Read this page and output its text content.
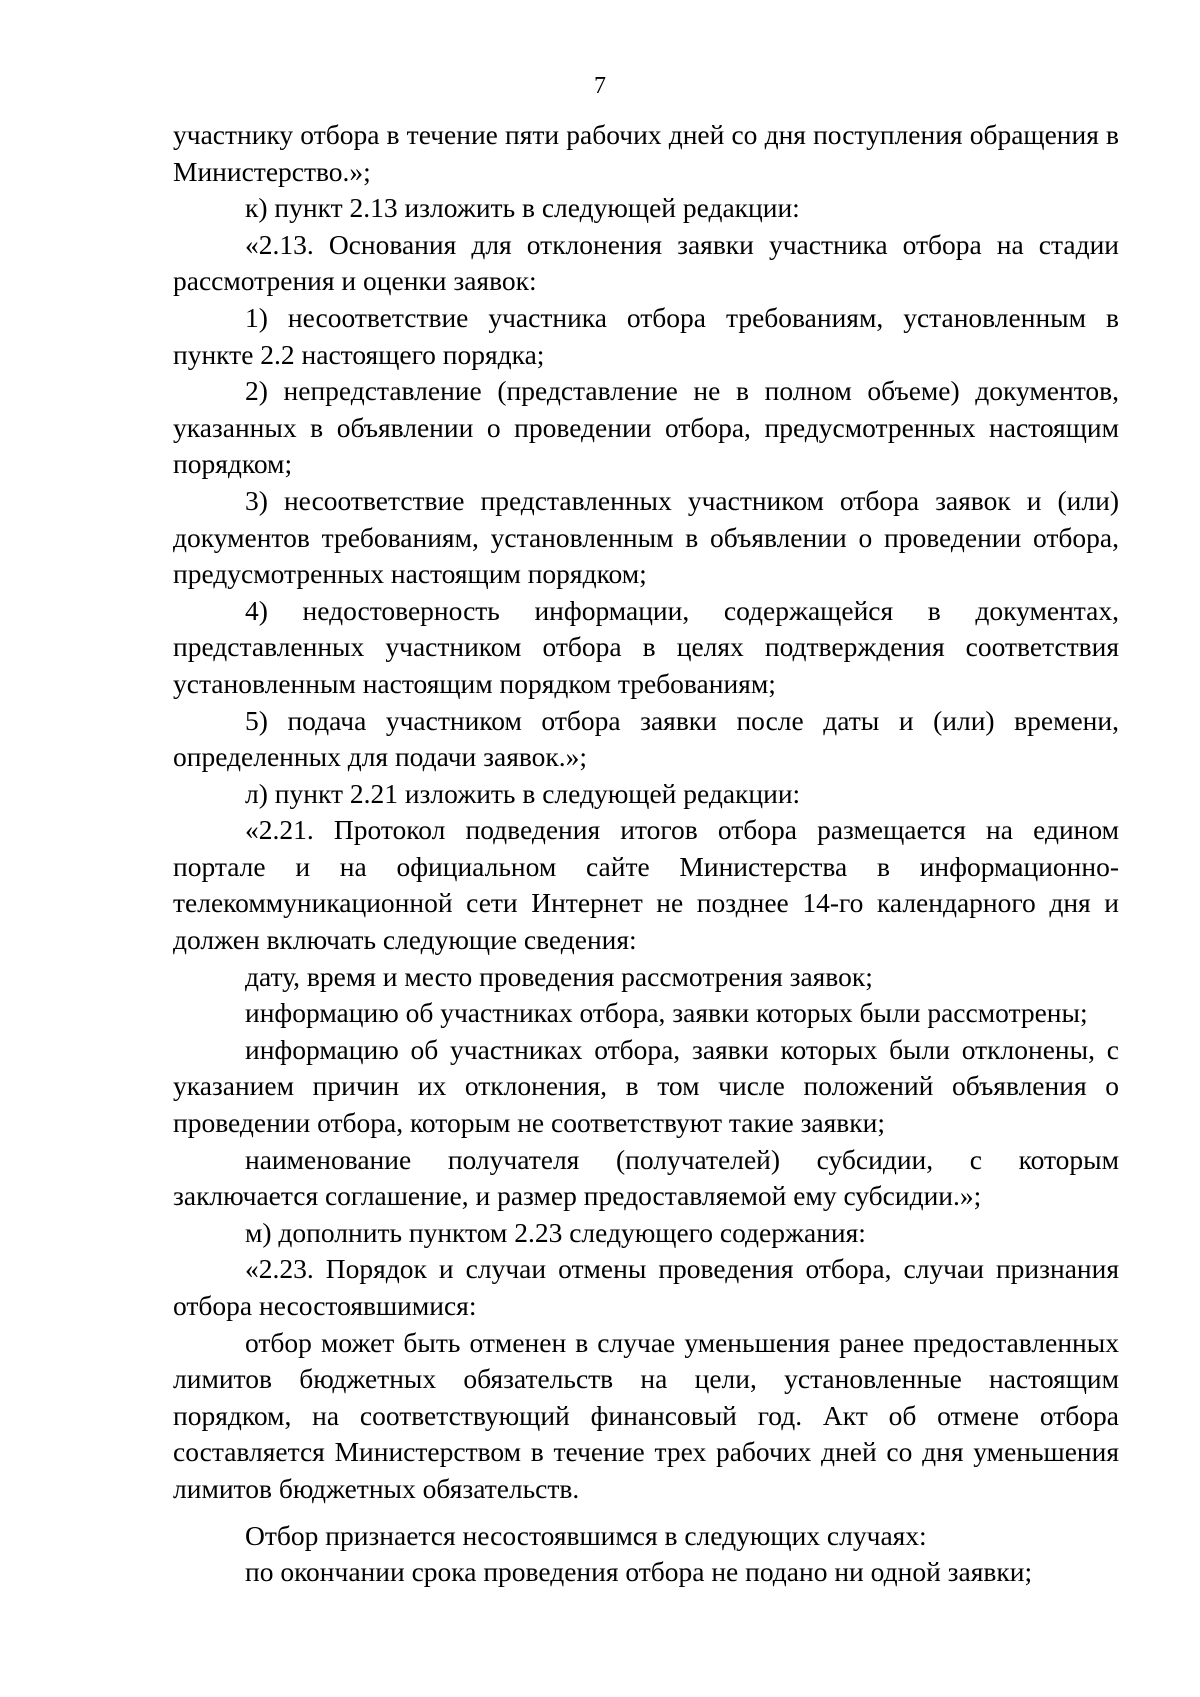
7

участнику отбора в течение пяти рабочих дней со дня поступления обращения в Министерство.»;

к) пункт 2.13 изложить в следующей редакции:

«2.13. Основания для отклонения заявки участника отбора на стадии рассмотрения и оценки заявок:

1) несоответствие участника отбора требованиям, установленным в пункте 2.2 настоящего порядка;

2) непредставление (представление не в полном объеме) документов, указанных в объявлении о проведении отбора, предусмотренных настоящим порядком;

3) несоответствие представленных участником отбора заявок и (или) документов требованиям, установленным в объявлении о проведении отбора, предусмотренных настоящим порядком;

4) недостоверность информации, содержащейся в документах, представленных участником отбора в целях подтверждения соответствия установленным настоящим порядком требованиям;

5) подача участником отбора заявки после даты и (или) времени, определенных для подачи заявок.»;

л) пункт 2.21 изложить в следующей редакции:

«2.21. Протокол подведения итогов отбора размещается на едином портале и на официальном сайте Министерства в информационно-телекоммуникационной сети Интернет не позднее 14-го календарного дня и должен включать следующие сведения:

дату, время и место проведения рассмотрения заявок;

информацию об участниках отбора, заявки которых были рассмотрены;

информацию об участниках отбора, заявки которых были отклонены, с указанием причин их отклонения, в том числе положений объявления о проведении отбора, которым не соответствуют такие заявки;

наименование получателя (получателей) субсидии, с которым заключается соглашение, и размер предоставляемой ему субсидии.»;

м) дополнить пунктом 2.23 следующего содержания:

«2.23. Порядок и случаи отмены проведения отбора, случаи признания отбора несостоявшимися:

отбор может быть отменен в случае уменьшения ранее предоставленных лимитов бюджетных обязательств на цели, установленные настоящим порядком, на соответствующий финансовый год. Акт об отмене отбора составляется Министерством в течение трех рабочих дней со дня уменьшения лимитов бюджетных обязательств.

Отбор признается несостоявшимся в следующих случаях:

по окончании срока проведения отбора не подано ни одной заявки;
